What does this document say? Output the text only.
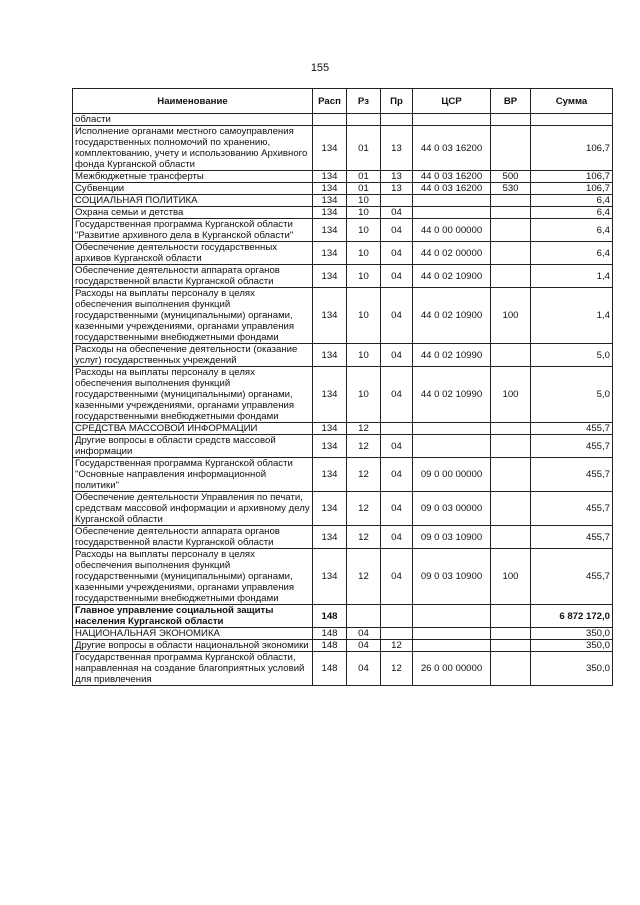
155
Наименование	Расп	Рз	Пр	ЦСР	ВР	Сумма
области						
Исполнение органами местного самоуправления государственных полномочий по хранению, комплектованию, учету и использованию Архивного фонда Курганской области	134	01	13	44 0 03 16200		106,7
Межбюджетные трансферты	134	01	13	44 0 03 16200	500	106,7
Субвенции	134	01	13	44 0 03 16200	530	106,7
СОЦИАЛЬНАЯ ПОЛИТИКА	134	10				6,4
Охрана семьи и детства	134	10	04			6,4
Государственная программа Курганской области "Развитие архивного дела в Курганской области"	134	10	04	44 0 00 00000		6,4
Обеспечение деятельности государственных архивов Курганской области	134	10	04	44 0 02 00000		6,4
Обеспечение деятельности аппарата органов государственной власти Курганской области	134	10	04	44 0 02 10900		1,4
Расходы на выплаты персоналу в целях обеспечения выполнения функций государственными (муниципальными) органами, казенными учреждениями, органами управления государственными внебюджетными фондами	134	10	04	44 0 02 10900	100	1,4
Расходы на обеспечение деятельности (оказание услуг) государственных учреждений	134	10	04	44 0 02 10990		5,0
Расходы на выплаты персоналу в целях обеспечения выполнения функций государственными (муниципальными) органами, казенными учреждениями, органами управления государственными внебюджетными фондами	134	10	04	44 0 02 10990	100	5,0
СРЕДСТВА МАССОВОЙ ИНФОРМАЦИИ	134	12				455,7
Другие вопросы в области средств массовой информации	134	12	04			455,7
Государственная программа Курганской области "Основные направления информационной политики"	134	12	04	09 0 00 00000		455,7
Обеспечение деятельности Управления по печати, средствам массовой информации и архивному делу Курганской области	134	12	04	09 0 03 00000		455,7
Обеспечение деятельности аппарата органов государственной власти Курганской области	134	12	04	09 0 03 10900		455,7
Расходы на выплаты персоналу в целях обеспечения выполнения функций государственными (муниципальными) органами, казенными учреждениями, органами управления государственными внебюджетными фондами	134	12	04	09 0 03 10900	100	455,7
Главное управление социальной защиты населения Курганской области	148					6 872 172,0
НАЦИОНАЛЬНАЯ ЭКОНОМИКА	148	04				350,0
Другие вопросы в области национальной экономики	148	04	12			350,0
Государственная программа Курганской области, направленная на создание благоприятных условий для привлечения	148	04	12	26 0 00 00000		350,0
